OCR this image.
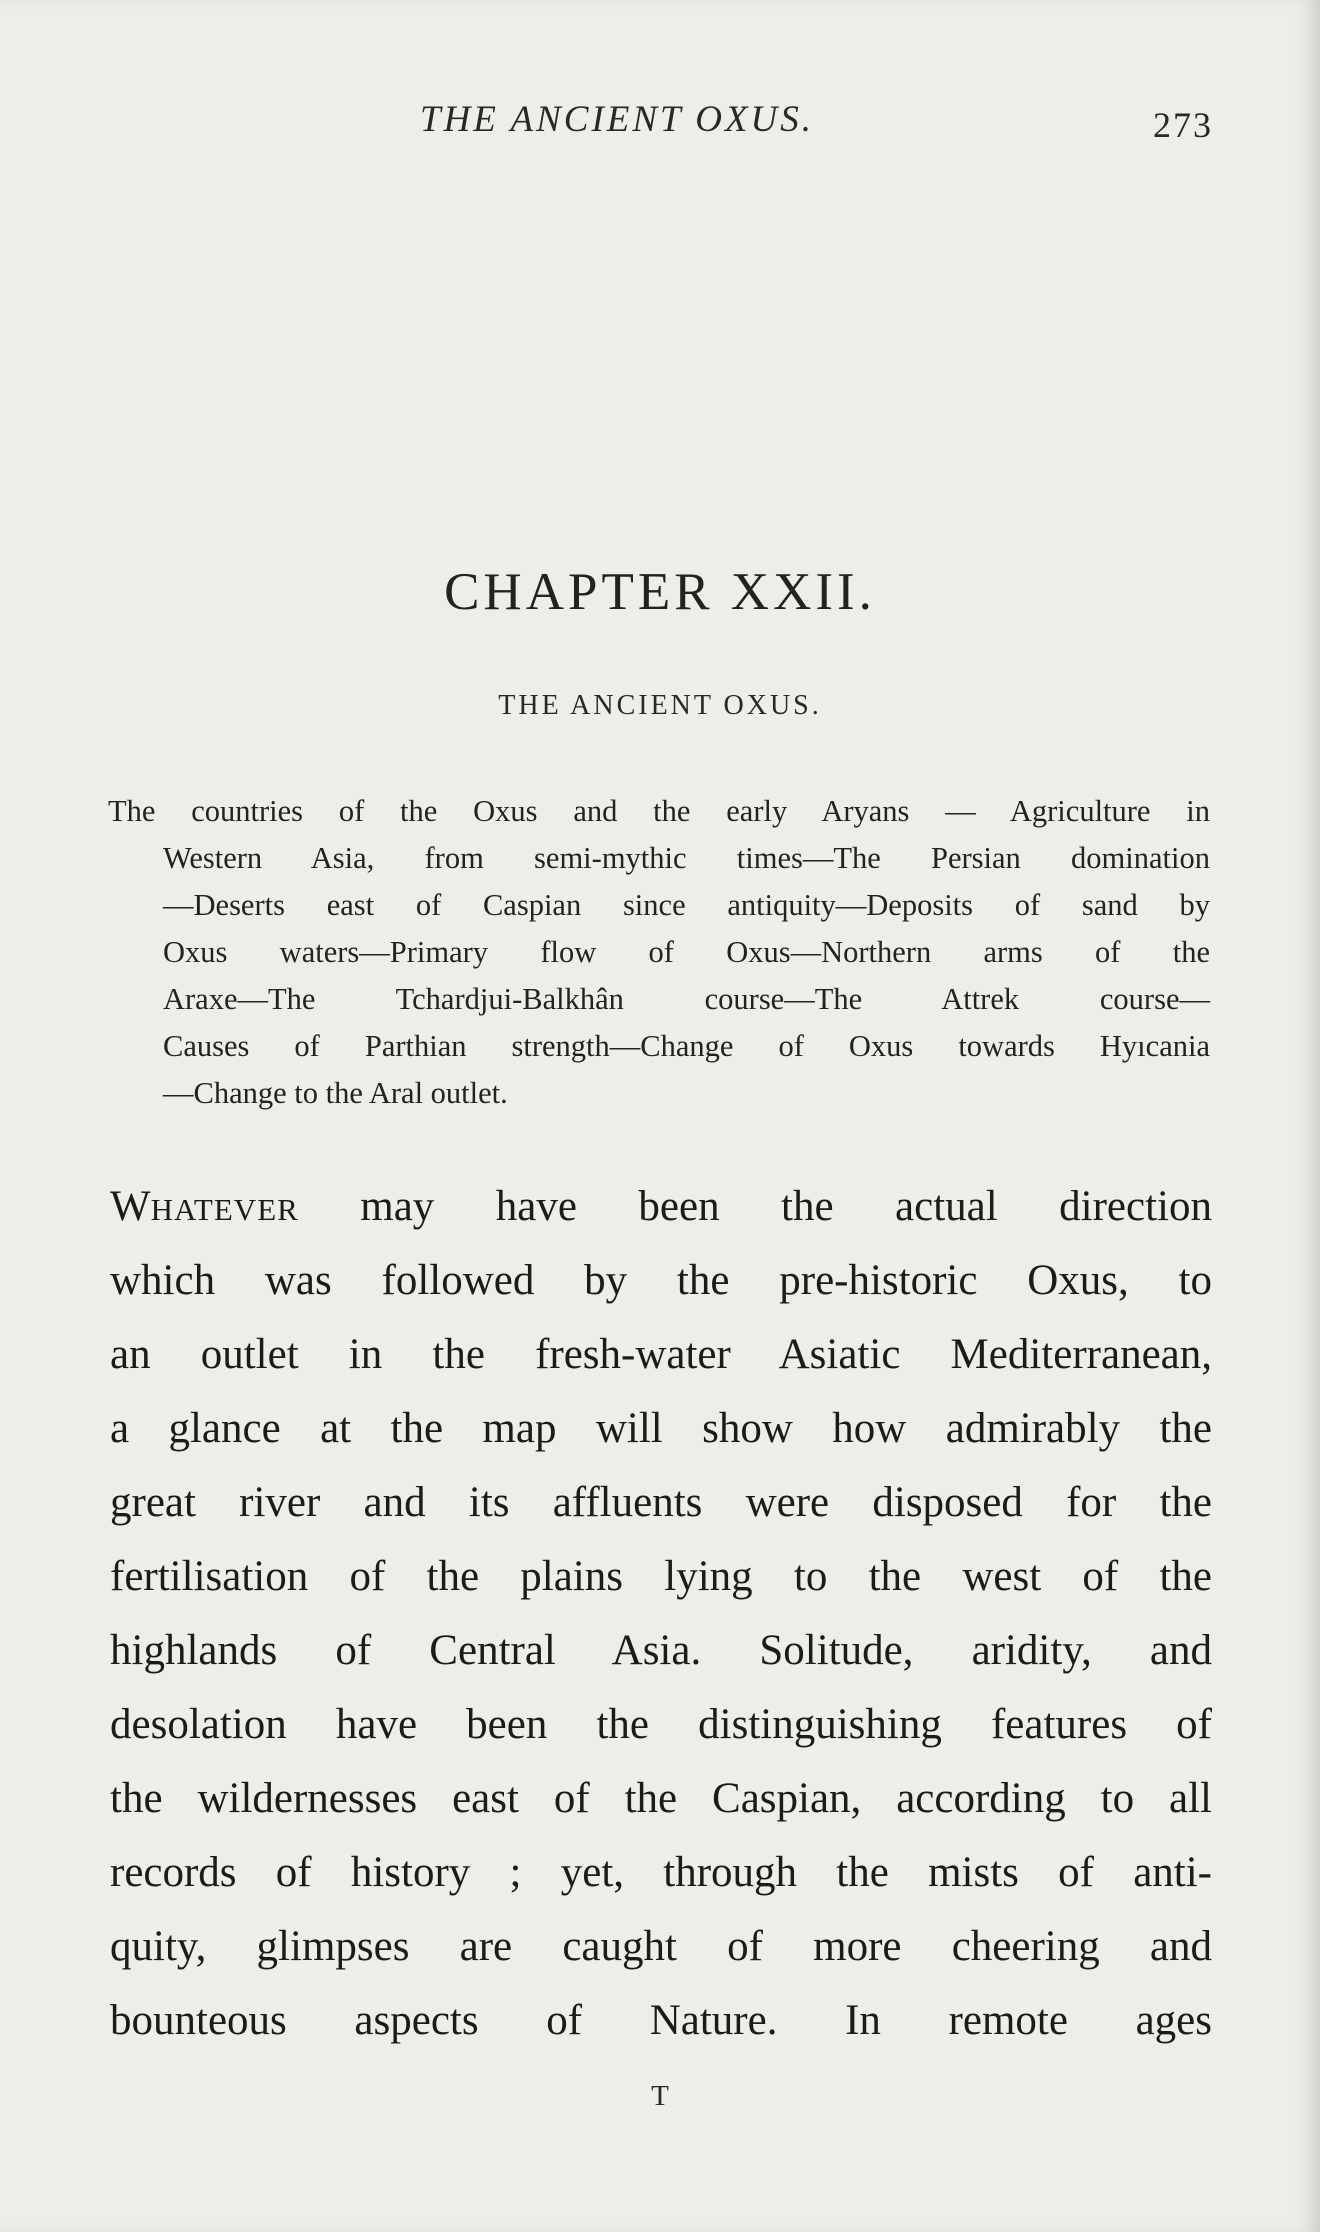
THE ANCIENT OXUS.	273
CHAPTER XXII.
THE ANCIENT OXUS.
The countries of the Oxus and the early Aryans — Agriculture in
Western Asia, from semi-mythic times—The Persian domination
—Deserts east of Caspian since antiquity—Deposits of sand by
Oxus waters—Primary flow of Oxus—Northern arms of the
Araxe—The Tchardjui-Balkhân course—The Attrek course—
Causes of Parthian strength—Change of Oxus towards Hyıcania
—Change to the Aral outlet.
WHATEVER may have been the actual direction
which was followed by the pre-historic Oxus, to
an outlet in the fresh-water Asiatic Mediterranean,
a glance at the map will show how admirably the
great river and its affluents were disposed for the
fertilisation of the plains lying to the west of the
highlands of Central Asia. Solitude, aridity, and
desolation have been the distinguishing features of
the wildernesses east of the Caspian, according to all
records of history ; yet, through the mists of anti-
quity, glimpses are caught of more cheering and
bounteous aspects of Nature. In remote ages
T
